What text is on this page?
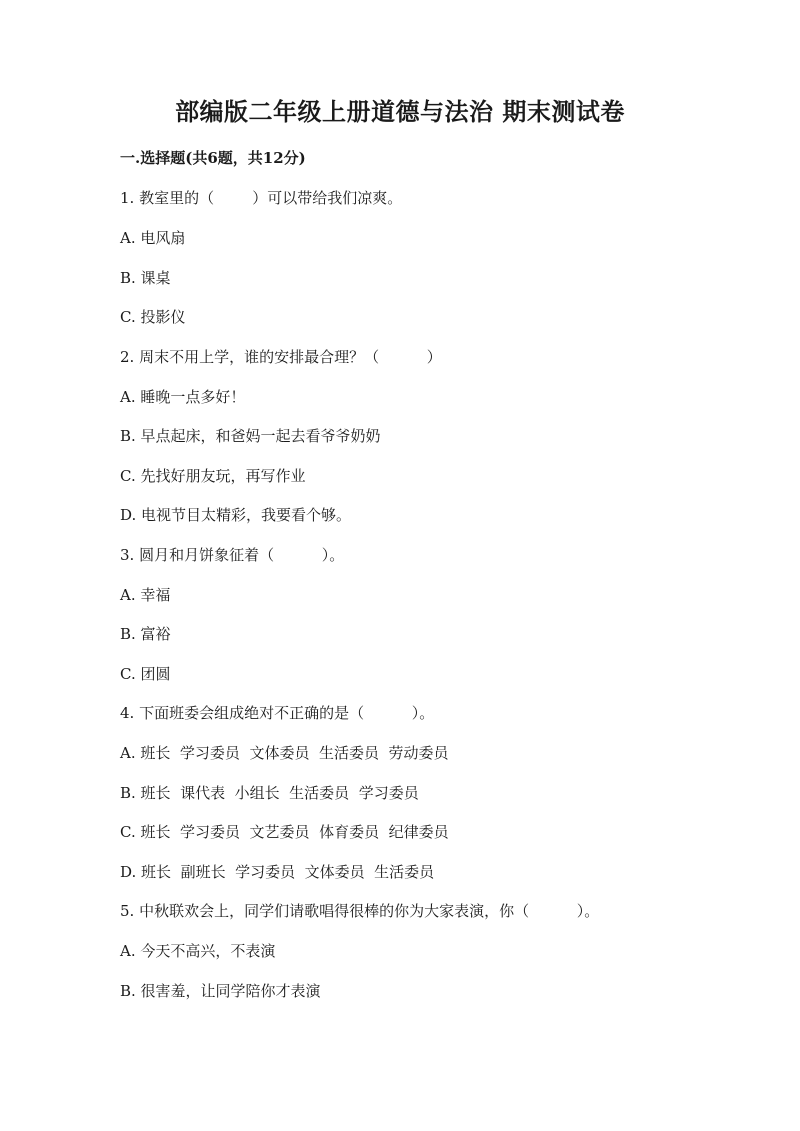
部编版二年级上册道德与法治 期末测试卷
一.选择题(共6题，共12分)
1. 教室里的（        ）可以带给我们凉爽。
A. 电风扇
B. 课桌
C. 投影仪
2. 周末不用上学，谁的安排最合理？（          ）
A. 睡晚一点多好！
B. 早点起床，和爸妈一起去看爷爷奶奶
C. 先找好朋友玩，再写作业
D. 电视节目太精彩，我要看个够。
3. 圆月和月饼象征着（          ）。
A. 幸福
B. 富裕
C. 团圆
4. 下面班委会组成绝对不正确的是（          ）。
A. 班长  学习委员  文体委员  生活委员  劳动委员
B. 班长  课代表  小组长  生活委员  学习委员
C. 班长  学习委员  文艺委员  体育委员  纪律委员
D. 班长  副班长  学习委员  文体委员  生活委员
5. 中秋联欢会上，同学们请歌唱得很棒的你为大家表演，你（          ）。
A. 今天不高兴，不表演
B. 很害羞，让同学陪你才表演
